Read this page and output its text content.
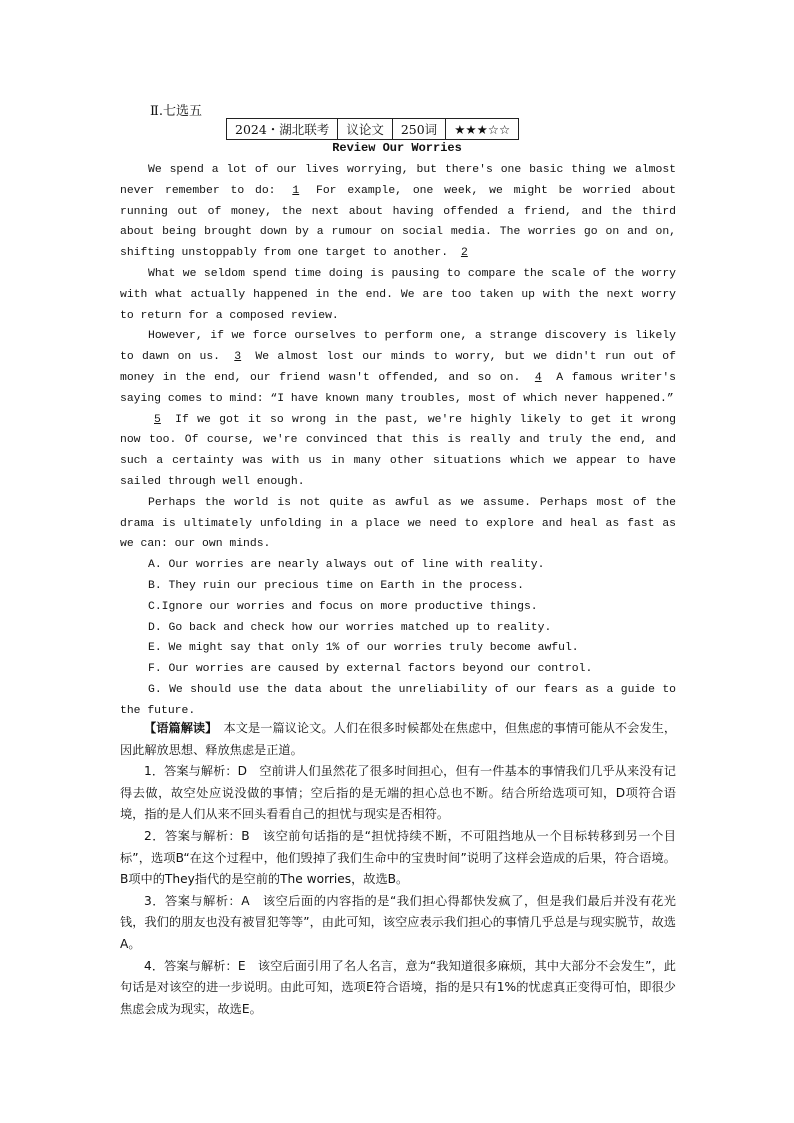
Ⅱ.七选五
2024・湖北联考	议论文	250词	★★★☆☆
Review Our Worries

We spend a lot of our lives worrying, but there's one basic thing we almost never remember to do: 1 For example, one week, we might be worried about running out of money, the next about having offended a friend, and the third about being brought down by a rumour on social media. The worries go on and on, shifting unstoppably from one target to another. 2

What we seldom spend time doing is pausing to compare the scale of the worry with what actually happened in the end. We are too taken up with the next worry to return for a composed review.

However, if we force ourselves to perform one, a strange discovery is likely to dawn on us. 3 We almost lost our minds to worry, but we didn't run out of money in the end, our friend wasn't offended, and so on. 4 A famous writer's saying comes to mind: “I have known many troubles, most of which never happened.”

5 If we got it so wrong in the past, we're highly likely to get it wrong now too. Of course, we're convinced that this is really and truly the end, and such a certainty was with us in many other situations which we appear to have sailed through well enough.

Perhaps the world is not quite as awful as we assume. Perhaps most of the drama is ultimately unfolding in a place we need to explore and heal as fast as we can: our own minds.

A. Our worries are nearly always out of line with reality.
B. They ruin our precious time on Earth in the process.
C.Ignore our worries and focus on more productive things.
D. Go back and check how our worries matched up to reality.
E. We might say that only 1% of our worries truly become awful.
F. Our worries are caused by external factors beyond our control.
G. We should use the data about the unreliability of our fears as a guide to the future.

【语篇解读】　 本文是一篇议论文。人们在很多时候都处在焦虑中，但焦虑的事情可能从不会发生，因此解放思想、释放焦虑是正道。

1．答案与解析：D　空前讲人们虽然花了很多时间担心，但有一件基本的事情我们几乎从来没有记得去做，故空处应说没做的事情；空后指的是无端的担心总也不断。结合所给选项可知，D项符合语境，指的是人们从来不回头看看自己的担忧与现实是否相符。

2．答案与解析：B　该空前句话指的是“担忧持续不断，不可阻挡地从一个目标转移到另一个目标”，选项B“在这个过程中，他们毁掉了我们生命中的宝贵时间”说明了这样会造成的后果，符合语境。B项中的They指代的是空前的The worries，故选B。

3．答案与解析：A　该空后面的内容指的是“我们担心得都快发疯了，但是我们最后并没有花光钱，我们的朋友也没有被冒犯等等”，由此可知，该空应表示我们担心的事情几乎总是与现实脱节，故选A。

4．答案与解析：E　该空后面引用了名人名言，意为“我知道很多麻烦，其中大部分不会发生”，此句话是对该空的进一步说明。由此可知，选项E符合语境，指的是只有1%的忧虑真正变得可怕，即很少焦虑会成为现实，故选E。
